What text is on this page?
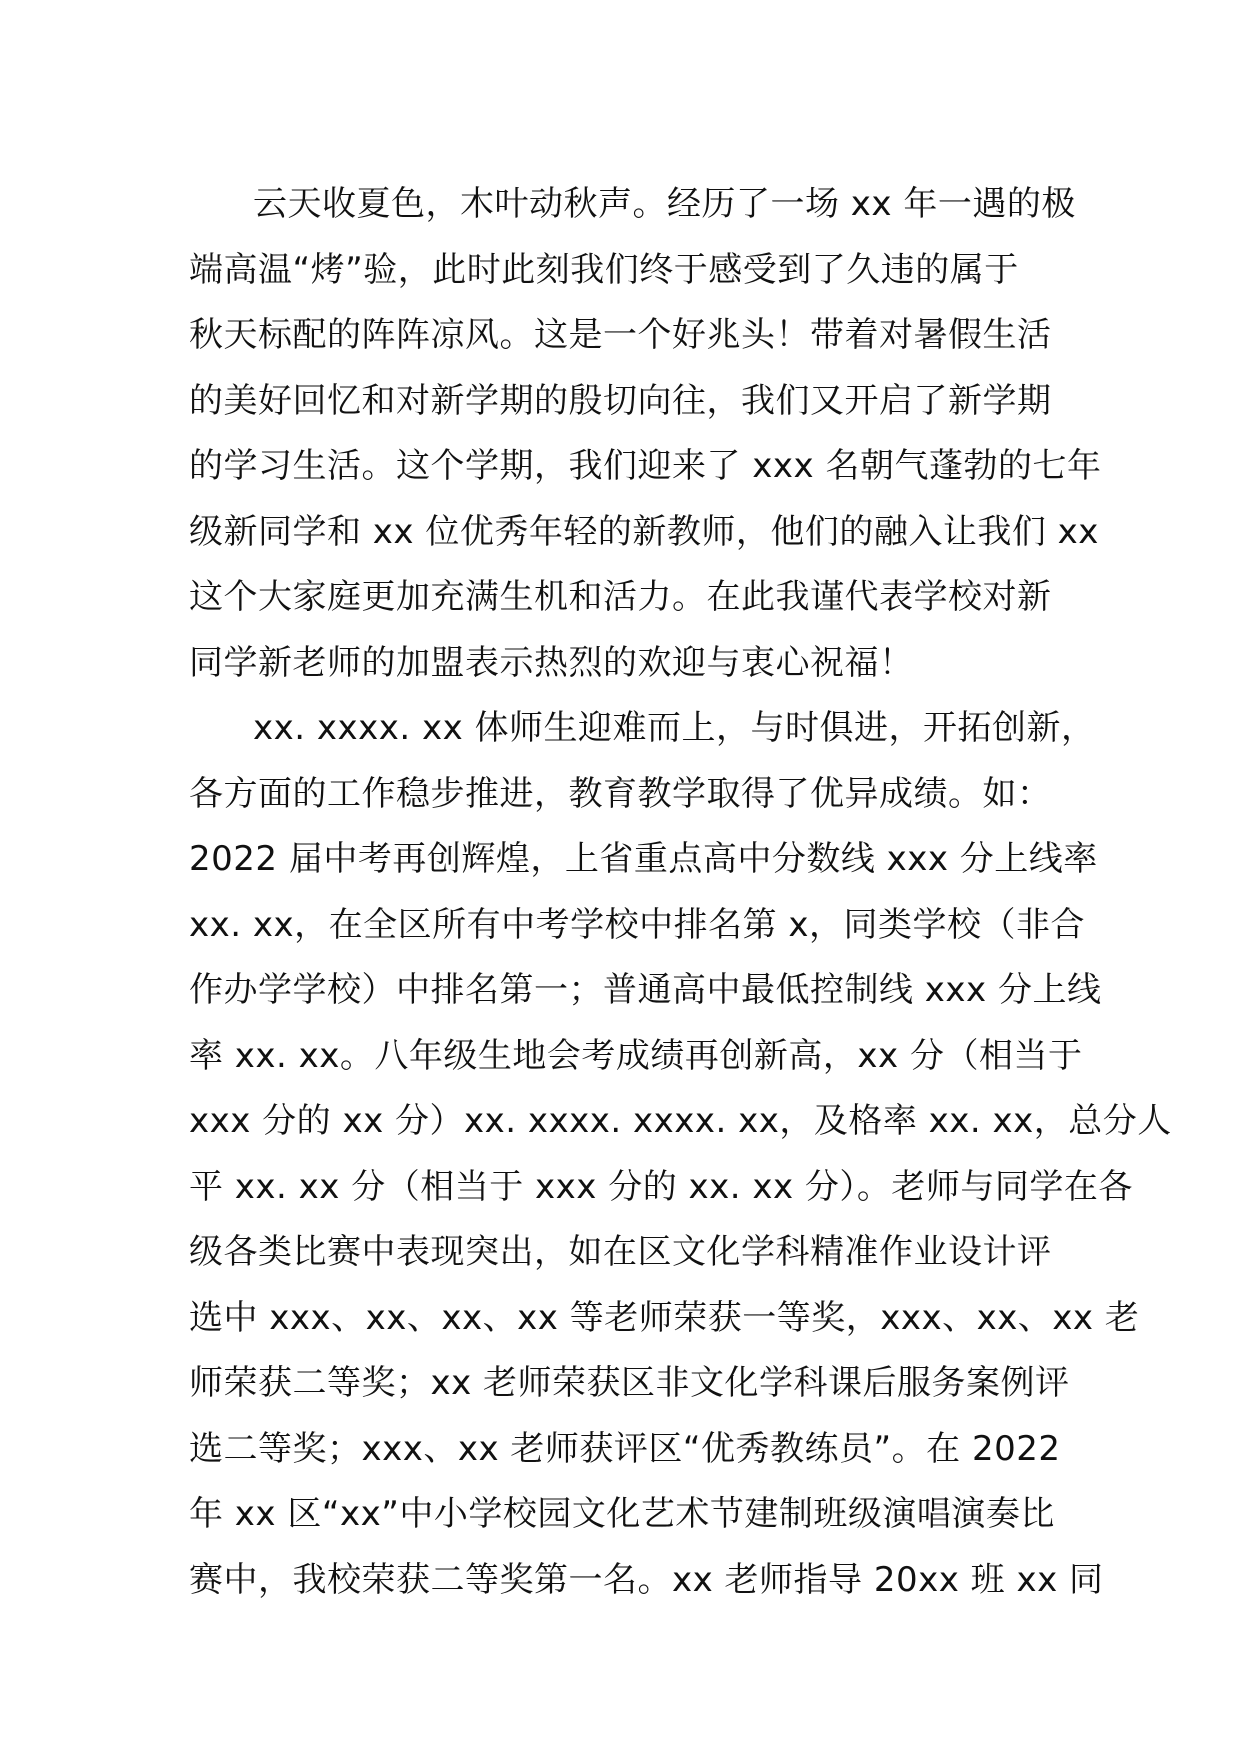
云天收夏色，木叶动秋声。经历了一场 xx 年一遇的极
端高温“烤”验，此时此刻我们终于感受到了久违的属于
秋天标配的阵阵凉风。这是一个好兆头！带着对暑假生活
的美好回忆和对新学期的殷切向往，我们又开启了新学期
的学习生活。这个学期，我们迎来了 xxx 名朝气蓬勃的七年
级新同学和 xx 位优秀年轻的新教师，他们的融入让我们 xx
这个大家庭更加充满生机和活力。在此我谨代表学校对新
同学新老师的加盟表示热烈的欢迎与衷心祝福！
xx. xxxx. xx 体师生迎难而上，与时俱进，开拓创新，
各方面的工作稳步推进，教育教学取得了优异成绩。如：
2022 届中考再创辉煌，上省重点高中分数线 xxx 分上线率
xx. xx，在全区所有中考学校中排名第 x，同类学校（非合
作办学学校）中排名第一；普通高中最低控制线 xxx 分上线
率 xx. xx。八年级生地会考成绩再创新高，xx 分（相当于
xxx 分的 xx 分）xx. xxxx. xxxx. xx，及格率 xx. xx，总分人
平 xx. xx 分（相当于 xxx 分的 xx. xx 分）。老师与同学在各
级各类比赛中表现突出，如在区文化学科精准作业设计评
选中 xxx、xx、xx、xx 等老师荣获一等奖，xxx、xx、xx 老
师荣获二等奖；xx 老师荣获区非文化学科课后服务案例评
选二等奖；xxx、xx 老师获评区“优秀教练员”。在 2022
年 xx 区“xx”中小学校园文化艺术节建制班级演唱演奏比
赛中，我校荣获二等奖第一名。xx 老师指导 20xx 班 xx 同
